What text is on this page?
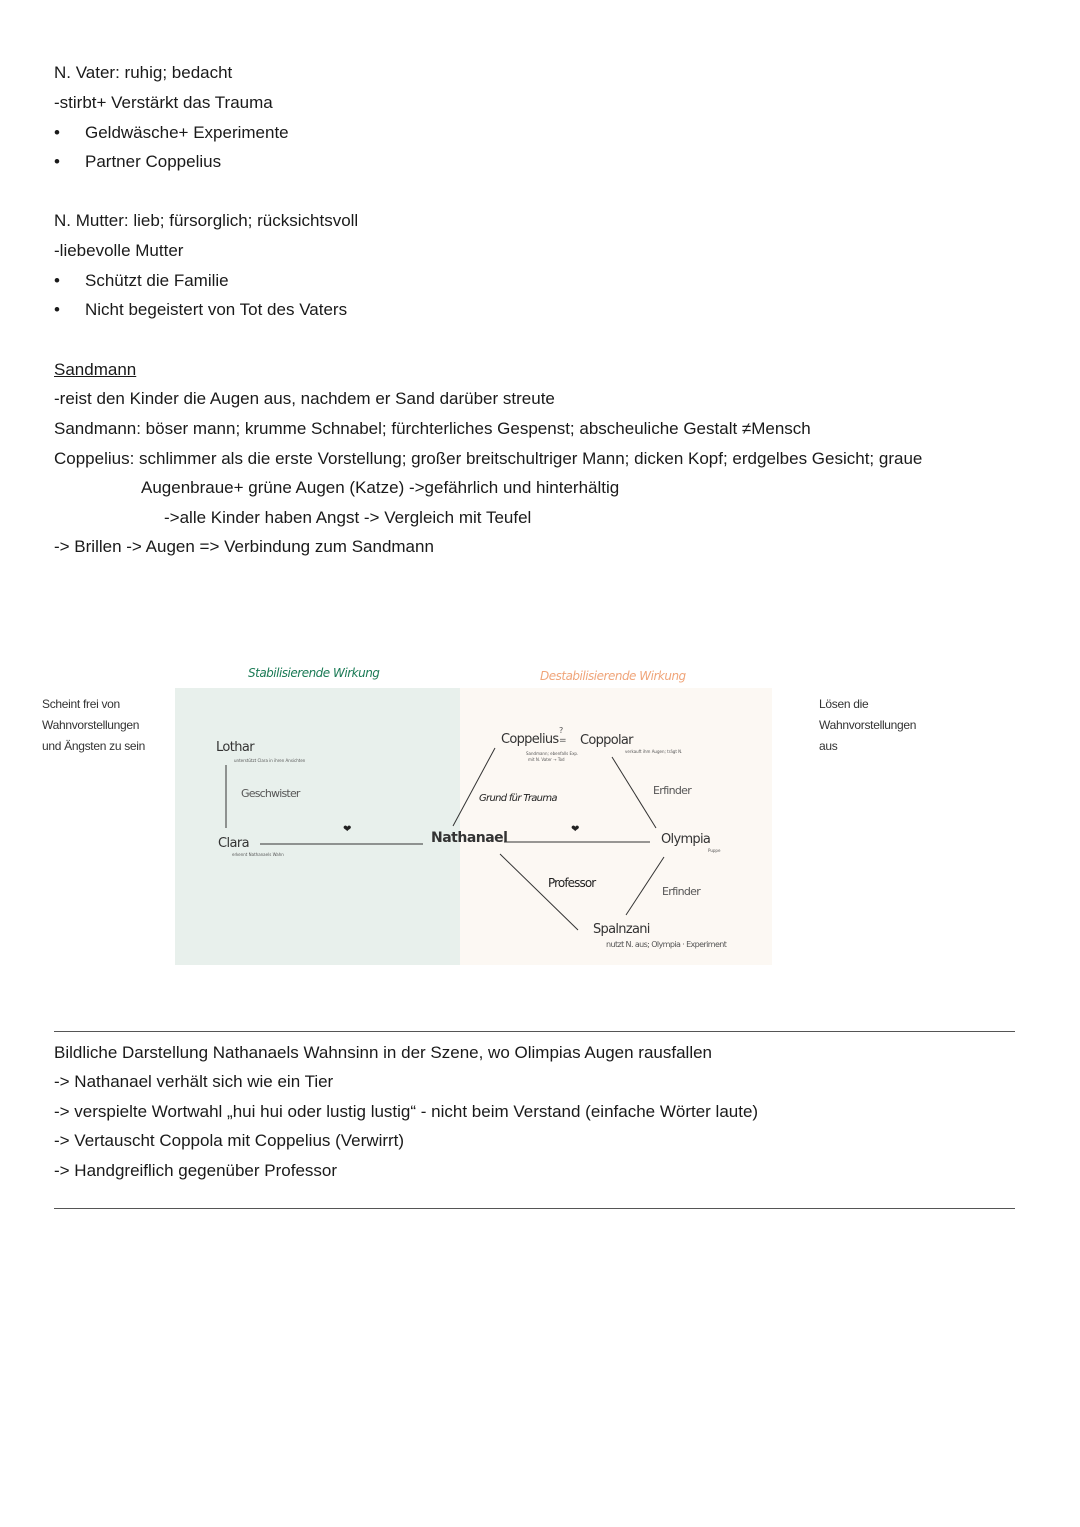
N. Vater: ruhig; bedacht
-stirbt+ Verstärkt das Trauma
• Geldwäsche+ Experimente
• Partner Coppelius
N. Mutter: lieb; fürsorglich; rücksichtsvoll
-liebevolle Mutter
• Schützt die Familie
• Nicht begeistert von Tot des Vaters
Sandmann
-reist den Kinder die Augen aus, nachdem er Sand darüber streute
Sandmann: böser mann; krumme Schnabel; fürchterliches Gespenst; abscheuliche Gestalt ≠Mensch
Coppelius: schlimmer als die erste Vorstellung; großer breitschultriger Mann; dicken Kopf; erdgelbes Gesicht; graue
Augenbraue+ grüne Augen (Katze) ->gefährlich und hinterhältig
->alle Kinder haben Angst -> Vergleich mit Teufel
-> Brillen -> Augen => Verbindung zum Sandmann
Stabilisierende Wirkung	Destabilisierende Wirkung
Scheint frei von
Wahnvorstellungen
und Ängsten zu sein
Lösen die
Wahnvorstellungen
aus
Lothar
unterstützt Clara in ihren Ansichten
Geschwister
Clara
erkennt Nathanaels Wahn
❤
Nathanael
Coppelius
Sandmann; ebenfalls Exp.
mit N. Vater → Tod
?
= Coppolar
verkauft ihm Augen; trägt N.
Grund für Trauma
Erfinder
❤
Olympia
Puppe
Professor
Erfinder
Spalnzani
nutzt N. aus; Olympia · Experiment
Bildliche Darstellung Nathanaels Wahnsinn in der Szene, wo Olimpias Augen rausfallen
-> Nathanael verhält sich wie ein Tier
-> verspielte Wortwahl „hui hui oder lustig lustig“ - nicht beim Verstand (einfache Wörter laute)
-> Vertauscht Coppola mit Coppelius (Verwirrt)
-> Handgreiflich gegenüber Professor
